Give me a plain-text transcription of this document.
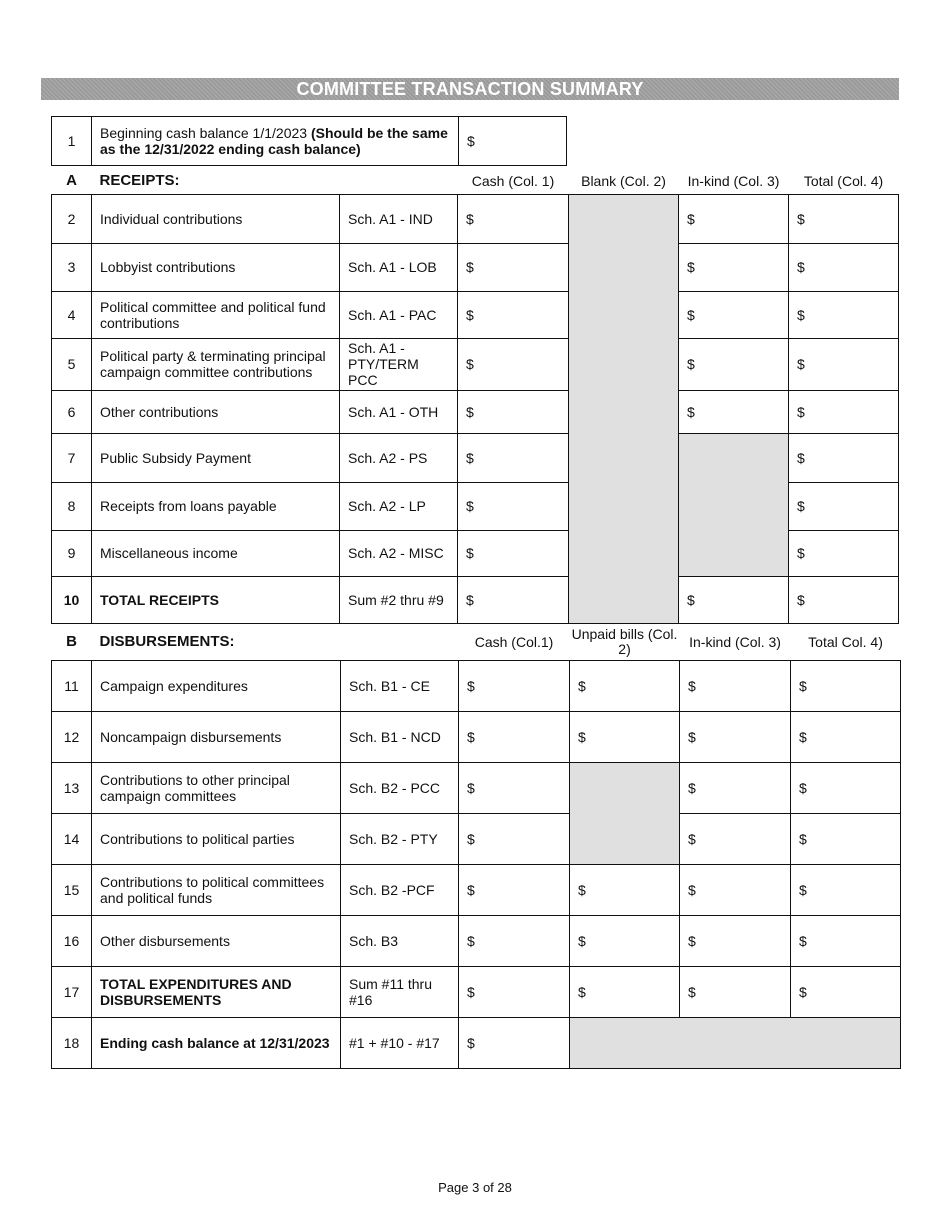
COMMITTEE TRANSACTION SUMMARY
1	Beginning cash balance 1/1/2023 (Should be the same as the 12/31/2022 ending cash balance)	$
A	RECEIPTS:		Cash (Col. 1)	Blank (Col. 2)	In-kind (Col. 3)	Total (Col. 4)
2	Individual contributions	Sch. A1 - IND	$		$	$
3	Lobbyist contributions	Sch. A1 - LOB	$		$	$
4	Political committee and political fund contributions	Sch. A1 - PAC	$		$	$
5	Political party & terminating principal campaign committee contributions	Sch. A1 - PTY/TERM PCC	$		$	$
6	Other contributions	Sch. A1 - OTH	$		$	$
7	Public Subsidy Payment	Sch. A2 - PS	$			$
8	Receipts from loans payable	Sch. A2 - LP	$			$
9	Miscellaneous income	Sch. A2 - MISC	$			$
10	TOTAL RECEIPTS	Sum #2 thru #9	$		$	$
B	DISBURSEMENTS:		Cash (Col.1)	Unpaid bills (Col. 2)	In-kind (Col. 3)	Total Col. 4)
11	Campaign expenditures	Sch. B1 - CE	$	$	$	$
12	Noncampaign disbursements	Sch. B1 - NCD	$	$	$	$
13	Contributions to other principal campaign committees	Sch. B2 - PCC	$		$	$
14	Contributions to political parties	Sch. B2 - PTY	$		$	$
15	Contributions to political committees and political funds	Sch. B2 -PCF	$	$	$	$
16	Other disbursements	Sch. B3	$	$	$	$
17	TOTAL EXPENDITURES AND DISBURSEMENTS	Sum #11 thru #16	$	$	$	$
18	Ending cash balance at 12/31/2023	#1 + #10 - #17	$			
Page 3 of 28
